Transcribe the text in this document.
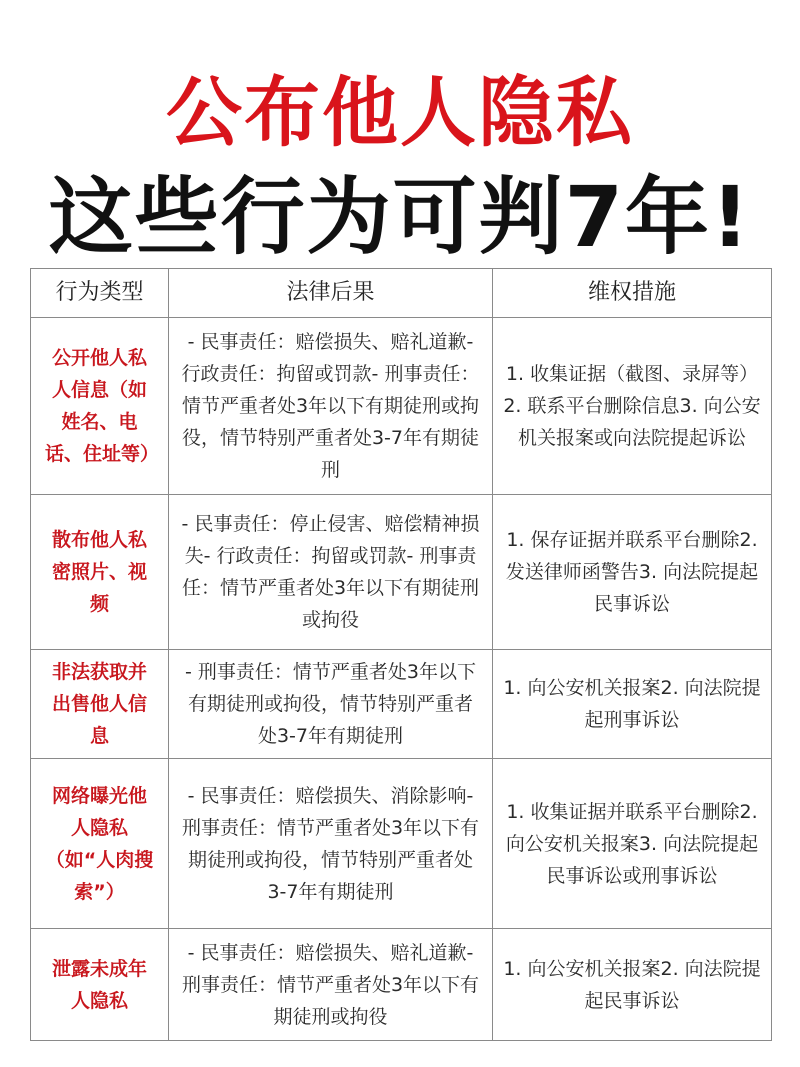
公布他人隐私
这些行为可判7年!
行为类型	法律后果	维权措施
公开他人私人信息（如姓名、电话、住址等）	- 民事责任：赔偿损失、赔礼道歉- 行政责任：拘留或罚款- 刑事责任：情节严重者处3年以下有期徒刑或拘役，情节特别严重者处3-7年有期徒刑	1. 收集证据（截图、录屏等）2. 联系平台删除信息3. 向公安机关报案或向法院提起诉讼
散布他人私密照片、视频	- 民事责任：停止侵害、赔偿精神损失- 行政责任：拘留或罚款- 刑事责任：情节严重者处3年以下有期徒刑或拘役	1. 保存证据并联系平台删除2. 发送律师函警告3. 向法院提起民事诉讼
非法获取并出售他人信息	- 刑事责任：情节严重者处3年以下有期徒刑或拘役，情节特别严重者处3-7年有期徒刑	1. 向公安机关报案2. 向法院提起刑事诉讼
网络曝光他人隐私（如“人肉搜索”）	- 民事责任：赔偿损失、消除影响- 刑事责任：情节严重者处3年以下有期徒刑或拘役，情节特别严重者处3-7年有期徒刑	1. 收集证据并联系平台删除2. 向公安机关报案3. 向法院提起民事诉讼或刑事诉讼
泄露未成年人隐私	- 民事责任：赔偿损失、赔礼道歉- 刑事责任：情节严重者处3年以下有期徒刑或拘役	1. 向公安机关报案2. 向法院提起民事诉讼
